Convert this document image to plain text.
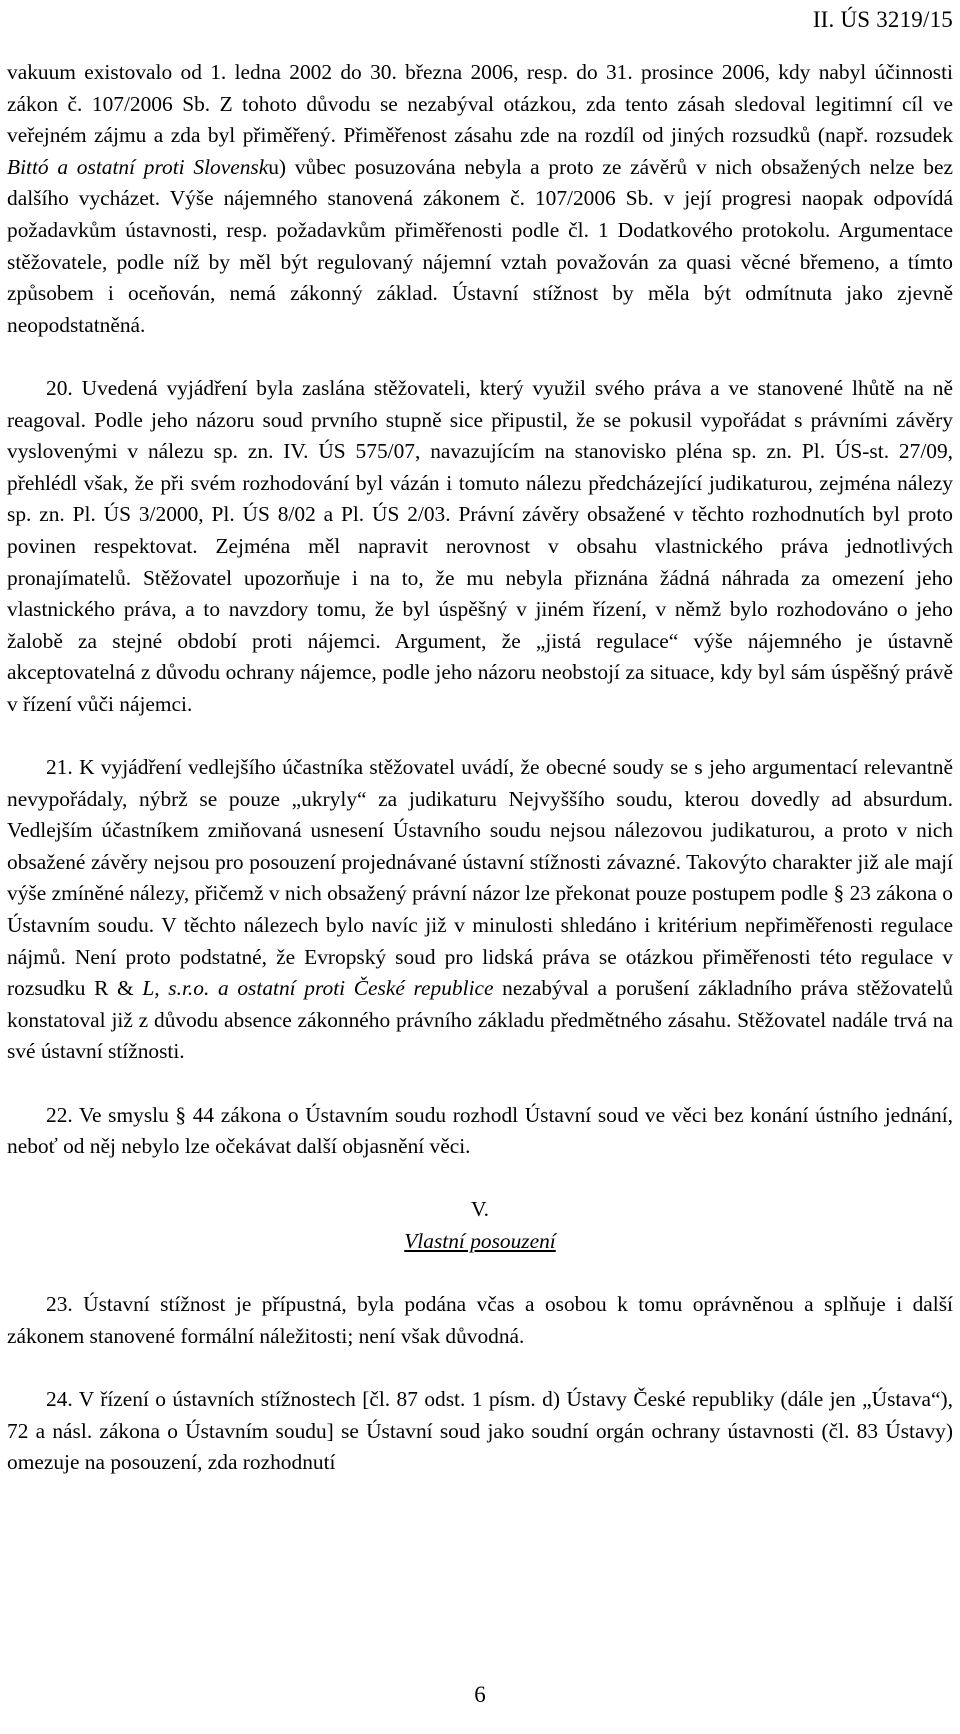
II. ÚS 3219/15

vakuum existovalo od 1. ledna 2002 do 30. března 2006, resp. do 31. prosince 2006, kdy nabyl účinnosti zákon č. 107/2006 Sb. Z tohoto důvodu se nezabýval otázkou, zda tento zásah sledoval legitimní cíl ve veřejném zájmu a zda byl přiměřený. Přiměřenost zásahu zde na rozdíl od jiných rozsudků (např. rozsudek Bittó a ostatní proti Slovensku) vůbec posuzována nebyla a proto ze závěrů v nich obsažených nelze bez dalšího vycházet. Výše nájemného stanovená zákonem č. 107/2006 Sb. v její progresi naopak odpovídá požadavkům ústavnosti, resp. požadavkům přiměřenosti podle čl. 1 Dodatkového protokolu. Argumentace stěžovatele, podle níž by měl být regulovaný nájemní vztah považován za quasi věcné břemeno, a tímto způsobem i oceňován, nemá zákonný základ. Ústavní stížnost by měla být odmítnuta jako zjevně neopodstatněná.

20. Uvedená vyjádření byla zaslána stěžovateli, který využil svého práva a ve stanovené lhůtě na ně reagoval. Podle jeho názoru soud prvního stupně sice připustil, že se pokusil vypořádat s právními závěry vyslovenými v nálezu sp. zn. IV. ÚS 575/07, navazujícím na stanovisko pléna sp. zn. Pl. ÚS-st. 27/09, přehlédl však, že při svém rozhodování byl vázán i tomuto nálezu předcházející judikaturou, zejména nálezy sp. zn. Pl. ÚS 3/2000, Pl. ÚS 8/02 a Pl. ÚS 2/03. Právní závěry obsažené v těchto rozhodnutích byl proto povinen respektovat. Zejména měl napravit nerovnost v obsahu vlastnického práva jednotlivých pronajímatelů. Stěžovatel upozorňuje i na to, že mu nebyla přiznána žádná náhrada za omezení jeho vlastnického práva, a to navzdory tomu, že byl úspěšný v jiném řízení, v němž bylo rozhodováno o jeho žalobě za stejné období proti nájemci. Argument, že „jistá regulace“ výše nájemného je ústavně akceptovatelná z důvodu ochrany nájemce, podle jeho názoru neobstojí za situace, kdy byl sám úspěšný právě v řízení vůči nájemci.

21. K vyjádření vedlejšího účastníka stěžovatel uvádí, že obecné soudy se s jeho argumentací relevantně nevypořádaly, nýbrž se pouze „ukryly“ za judikaturu Nejvyššího soudu, kterou dovedly ad absurdum. Vedlejším účastníkem zmiňovaná usnesení Ústavního soudu nejsou nálezovou judikaturou, a proto v nich obsažené závěry nejsou pro posouzení projednávané ústavní stížnosti závazné. Takovýto charakter již ale mají výše zmíněné nálezy, přičemž v nich obsažený právní názor lze překonat pouze postupem podle § 23 zákona o Ústavním soudu. V těchto nálezech bylo navíc již v minulosti shledáno i kritérium nepřiměřenosti regulace nájmů. Není proto podstatné, že Evropský soud pro lidská práva se otázkou přiměřenosti této regulace v rozsudku R & L, s.r.o. a ostatní proti České republice nezabýval a porušení základního práva stěžovatelů konstatoval již z důvodu absence zákonného právního základu předmětného zásahu. Stěžovatel nadále trvá na své ústavní stížnosti.

22. Ve smyslu § 44 zákona o Ústavním soudu rozhodl Ústavní soud ve věci bez konání ústního jednání, neboť od něj nebylo lze očekávat další objasnění věci.

V.
Vlastní posouzení

23. Ústavní stížnost je přípustná, byla podána včas a osobou k tomu oprávněnou a splňuje i další zákonem stanovené formální náležitosti; není však důvodná.

24. V řízení o ústavních stížnostech [čl. 87 odst. 1 písm. d) Ústavy České republiky (dále jen „Ústava“), 72 a násl. zákona o Ústavním soudu] se Ústavní soud jako soudní orgán ochrany ústavnosti (čl. 83 Ústavy) omezuje na posouzení, zda rozhodnutí

6
